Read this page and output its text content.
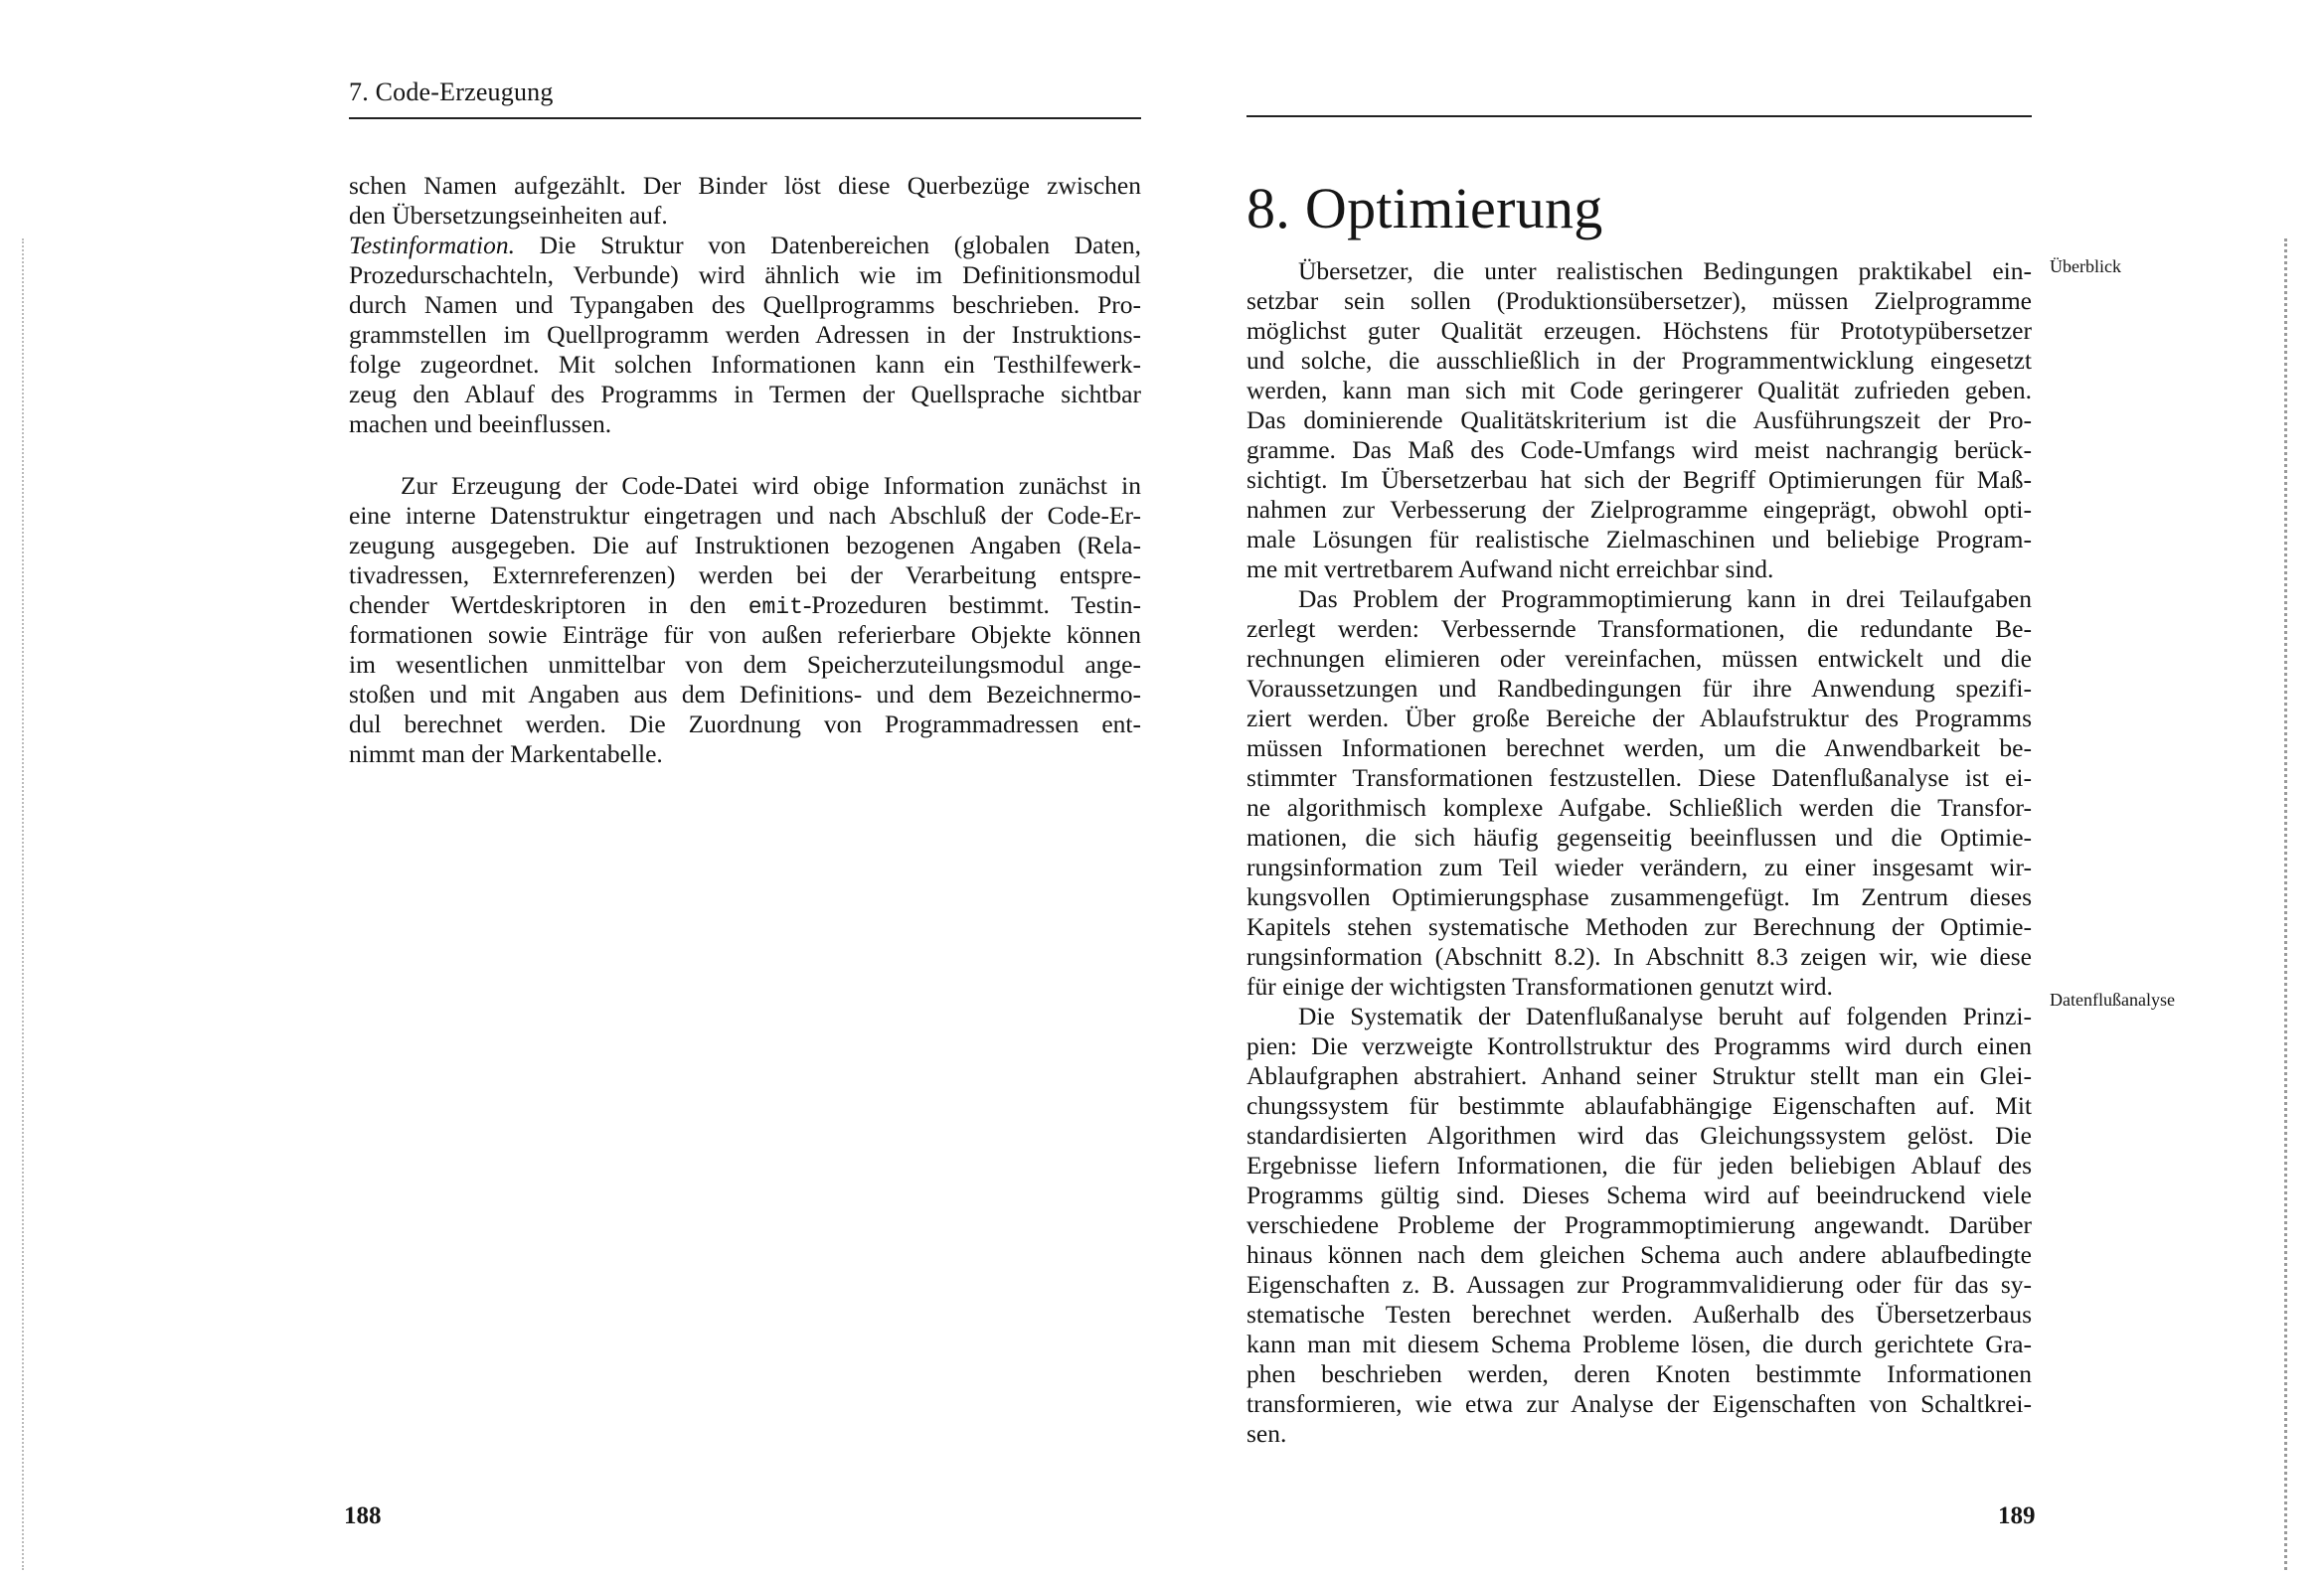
7. Code-Erzeugung
schen Namen aufgezählt. Der Binder löst diese Querbezüge zwischen
den Übersetzungseinheiten auf.
Testinformation. Die Struktur von Datenbereichen (globalen Daten,
Prozedurschachteln, Verbunde) wird ähnlich wie im Definitionsmodul
durch Namen und Typangaben des Quellprogramms beschrieben. Pro-
grammstellen im Quellprogramm werden Adressen in der Instruktions-
folge zugeordnet. Mit solchen Informationen kann ein Testhilfewerk-
zeug den Ablauf des Programms in Termen der Quellsprache sichtbar
machen und beeinflussen.
Zur Erzeugung der Code-Datei wird obige Information zunächst in
eine interne Datenstruktur eingetragen und nach Abschluß der Code-Er-
zeugung ausgegeben. Die auf Instruktionen bezogenen Angaben (Rela-
tivadressen, Externreferenzen) werden bei der Verarbeitung entspre-
chender Wertdeskriptoren in den emit-Prozeduren bestimmt. Testin-
formationen sowie Einträge für von außen referierbare Objekte können
im wesentlichen unmittelbar von dem Speicherzuteilungsmodul ange-
stoßen und mit Angaben aus dem Definitions- und dem Bezeichnermo-
dul berechnet werden. Die Zuordnung von Programmadressen ent-
nimmt man der Markentabelle.
188
8. Optimierung
Übersetzer, die unter realistischen Bedingungen praktikabel ein-
setzbar sein sollen (Produktionsübersetzer), müssen Zielprogramme
möglichst guter Qualität erzeugen. Höchstens für Prototypübersetzer
und solche, die ausschließlich in der Programmentwicklung eingesetzt
werden, kann man sich mit Code geringerer Qualität zufrieden geben.
Das dominierende Qualitätskriterium ist die Ausführungszeit der Pro-
gramme. Das Maß des Code-Umfangs wird meist nachrangig berück-
sichtigt. Im Übersetzerbau hat sich der Begriff Optimierungen für Maß-
nahmen zur Verbesserung der Zielprogramme eingeprägt, obwohl opti-
male Lösungen für realistische Zielmaschinen und beliebige Program-
me mit vertretbarem Aufwand nicht erreichbar sind.
Das Problem der Programmoptimierung kann in drei Teilaufgaben
zerlegt werden: Verbessernde Transformationen, die redundante Be-
rechnungen elimieren oder vereinfachen, müssen entwickelt und die
Voraussetzungen und Randbedingungen für ihre Anwendung spezifi-
ziert werden. Über große Bereiche der Ablaufstruktur des Programms
müssen Informationen berechnet werden, um die Anwendbarkeit be-
stimmter Transformationen festzustellen. Diese Datenflußanalyse ist ei-
ne algorithmisch komplexe Aufgabe. Schließlich werden die Transfor-
mationen, die sich häufig gegenseitig beeinflussen und die Optimie-
rungsinformation zum Teil wieder verändern, zu einer insgesamt wir-
kungsvollen Optimierungsphase zusammengefügt. Im Zentrum dieses
Kapitels stehen systematische Methoden zur Berechnung der Optimie-
rungsinformation (Abschnitt 8.2). In Abschnitt 8.3 zeigen wir, wie diese
für einige der wichtigsten Transformationen genutzt wird.
Die Systematik der Datenflußanalyse beruht auf folgenden Prinzi-
pien: Die verzweigte Kontrollstruktur des Programms wird durch einen
Ablaufgraphen abstrahiert. Anhand seiner Struktur stellt man ein Glei-
chungssystem für bestimmte ablaufabhängige Eigenschaften auf. Mit
standardisierten Algorithmen wird das Gleichungssystem gelöst. Die
Ergebnisse liefern Informationen, die für jeden beliebigen Ablauf des
Programms gültig sind. Dieses Schema wird auf beeindruckend viele
verschiedene Probleme der Programmoptimierung angewandt. Darüber
hinaus können nach dem gleichen Schema auch andere ablaufbedingte
Eigenschaften z. B. Aussagen zur Programmvalidierung oder für das sy-
stematische Testen berechnet werden. Außerhalb des Übersetzerbaus
kann man mit diesem Schema Probleme lösen, die durch gerichtete Gra-
phen beschrieben werden, deren Knoten bestimmte Informationen
transformieren, wie etwa zur Analyse der Eigenschaften von Schaltkrei-
sen.
Überblick
Datenflußanalyse
189
